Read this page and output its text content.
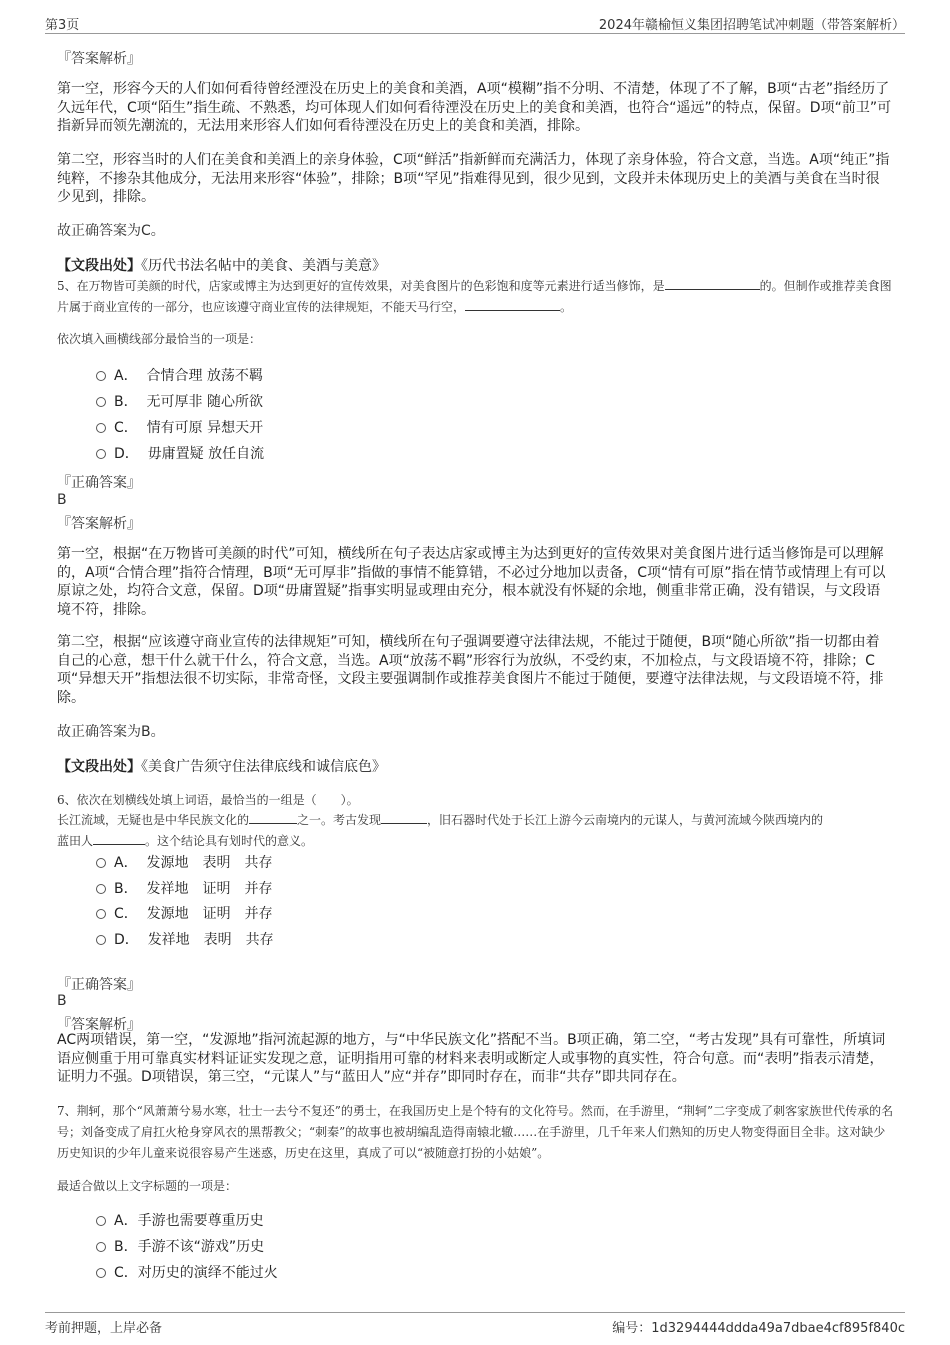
第3页	2024年赣榆恒义集团招聘笔试冲刺题（带答案解析）
『答案解析』
第一空，形容今天的人们如何看待曾经湮没在历史上的美食和美酒，A项“模糊”指不分明、不清楚，体现了不了解，B项“古老”指经历了久远年代，C项“陌生”指生疏、不熟悉，均可体现人们如何看待湮没在历史上的美食和美酒，也符合“遥远”的特点，保留。D项“前卫”可指新异而领先潮流的，无法用来形容人们如何看待湮没在历史上的美食和美酒，排除。
第二空，形容当时的人们在美食和美酒上的亲身体验，C项“鲜活”指新鲜而充满活力，体现了亲身体验，符合文意，当选。A项“纯正”指纯粹，不掺杂其他成分，无法用来形容“体验”，排除；B项“罕见”指难得见到，很少见到，文段并未体现历史上的美酒与美食在当时很少见到，排除。
故正确答案为C。
【文段出处】《历代书法名帖中的美食、美酒与美意》
5、在万物皆可美颜的时代，店家或博主为达到更好的宣传效果，对美食图片的色彩饱和度等元素进行适当修饰，是	的。但制作或推荐美食图片属于商业宣传的一部分，也应该遵守商业宣传的法律规矩，不能天马行空，	。
依次填入画横线部分最恰当的一项是：
A． 合情合理 放荡不羁
B． 无可厚非 随心所欲
C． 情有可原 异想天开
D． 毋庸置疑 放任自流
『正确答案』
B
『答案解析』
第一空，根据“在万物皆可美颜的时代”可知，横线所在句子表达店家或博主为达到更好的宣传效果对美食图片进行适当修饰是可以理解的，A项“合情合理”指符合情理，B项“无可厚非”指做的事情不能算错，不必过分地加以责备，C项“情有可原”指在情节或情理上有可以原谅之处，均符合文意，保留。D项“毋庸置疑”指事实明显或理由充分，根本就没有怀疑的余地，侧重非常正确，没有错误，与文段语境不符，排除。
第二空，根据“应该遵守商业宣传的法律规矩”可知，横线所在句子强调要遵守法律法规，不能过于随便，B项“随心所欲”指一切都由着自己的心意，想干什么就干什么，符合文意，当选。A项“放荡不羁”形容行为放纵，不受约束，不加检点，与文段语境不符，排除；C项“异想天开”指想法很不切实际，非常奇怪，文段主要强调制作或推荐美食图片不能过于随便，要遵守法律法规，与文段语境不符，排除。
故正确答案为B。
【文段出处】《美食广告须守住法律底线和诚信底色》
6、依次在划横线处填上词语，最恰当的一组是（　　）。
长江流域，无疑也是中华民族文化的	之一。考古发现	，旧石器时代处于长江上游今云南境内的元谋人，与黄河流域今陕西境内的
蓝田人	。这个结论具有划时代的意义。
A． 发源地　表明　共存
B． 发祥地　证明　并存
C． 发源地　证明　并存
D． 发祥地　表明　共存
『正确答案』
B
『答案解析』
AC两项错误，第一空，“发源地”指河流起源的地方，与“中华民族文化”搭配不当。B项正确，第二空，“考古发现”具有可靠性，所填词语应侧重于用可靠真实材料证证实发现之意，证明指用可靠的材料来表明或断定人或事物的真实性，符合句意。而“表明”指表示清楚，证明力不强。D项错误，第三空，“元谋人”与“蓝田人”应“并存”即同时存在，而非“共存”即共同存在。
7、荆轲，那个“风萧萧兮易水寒，壮士一去兮不复还”的勇士，在我国历史上是个特有的文化符号。然而，在手游里，“荆轲”二字变成了刺客家族世代传承的名号；刘备变成了肩扛火枪身穿风衣的黑帮教父；“刺秦”的故事也被胡编乱造得南辕北辙……在手游里，几千年来人们熟知的历史人物变得面目全非。这对缺少历史知识的少年儿童来说很容易产生迷惑，历史在这里，真成了可以“被随意打扮的小姑娘”。
最适合做以上文字标题的一项是：
A．手游也需要尊重历史
B．手游不该“游戏”历史
C．对历史的演绎不能过火
考前押题，上岸必备	编号：1d3294444ddda49a7dbae4cf895f840c
